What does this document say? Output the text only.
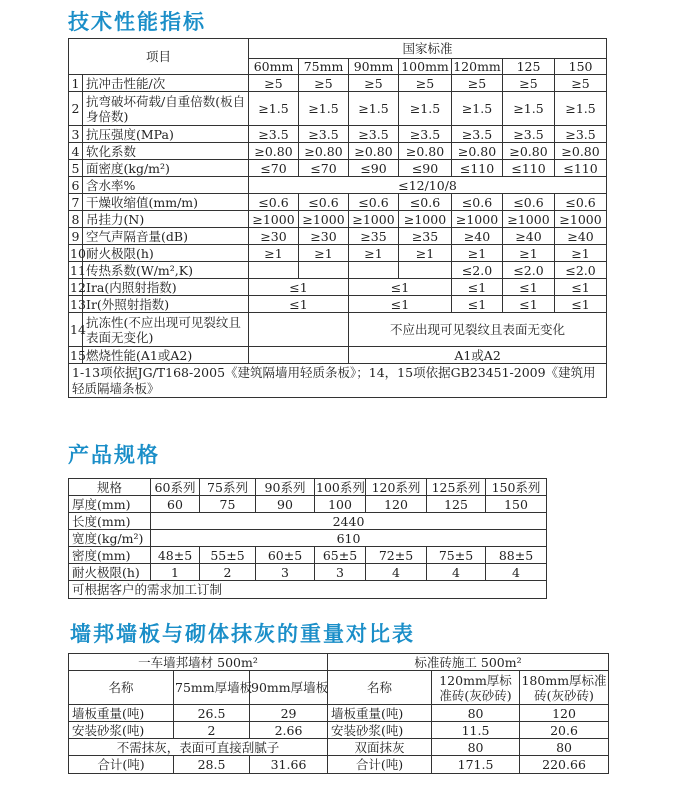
技术性能指标
项目		国家标准						
		60mm	75mm	90mm	100mm	120mm	125	150
1	抗冲击性能/次	≥5	≥5	≥5	≥5	≥5	≥5	≥5
2	抗弯破坏荷载/自重倍数(板自身倍数)	≥1.5	≥1.5	≥1.5	≥1.5	≥1.5	≥1.5	≥1.5
3	抗压强度(MPa)	≥3.5	≥3.5	≥3.5	≥3.5	≥3.5	≥3.5	≥3.5
4	软化系数	≥0.80	≥0.80	≥0.80	≥0.80	≥0.80	≥0.80	≥0.80
5	面密度(kg/m²)	≤70	≤70	≤90	≤90	≤110	≤110	≤110
6	含水率%	≤12/10/8						
7	干燥收缩值(mm/m)	≤0.6	≤0.6	≤0.6	≤0.6	≤0.6	≤0.6	≤0.6
8	吊挂力(N)	≥1000	≥1000	≥1000	≥1000	≥1000	≥1000	≥1000
9	空气声隔音量(dB)	≥30	≥30	≥35	≥35	≥40	≥40	≥40
10	耐火极限(h)	≥1	≥1	≥1	≥1	≥1	≥1	≥1
11	传热系数(W/m²,K)					≤2.0	≤2.0	≤2.0
12	Ira(内照射指数)	≤1		≤1		≤1	≤1	≤1
13	Ir(外照射指数)	≤1		≤1		≤1	≤1	≤1
14	抗冻性(不应出现可见裂纹且表面无变化)			不应出现可见裂纹且表面无变化				
15	燃烧性能(A1或A2)			A1或A2				
1-13项依据JG/T168-2005《建筑隔墙用轻质条板》；14，15项依据GB23451-2009《建筑用轻质隔墙条板》								
产品规格
规格	60系列	75系列	90系列	100系列	120系列	125系列	150系列
厚度(mm)	60	75	90	100	120	125	150
长度(mm)	2440						
宽度(kg/m²)	610						
密度(mm)	48±5	55±5	60±5	65±5	72±5	75±5	88±5
耐火极限(h)	1	2	3	3	4	4	4
可根据客户的需求加工订制							
墙邦墙板与砌体抹灰的重量对比表
一车墙邦墙材 500m²			标准砖施工 500m²		
名称	75mm厚墙板	90mm厚墙板	名称	120mm厚标准砖(灰砂砖)	180mm厚标准砖(灰砂砖)
墙板重量(吨)	26.5	29	墙板重量(吨)	80	120
安装砂浆(吨)	2	2.66	安装砂浆(吨)	11.5	20.6
不需抹灰，表面可直接刮腻子			双面抹灰	80	80
合计(吨)	28.5	31.66	合计(吨)	171.5	220.66
